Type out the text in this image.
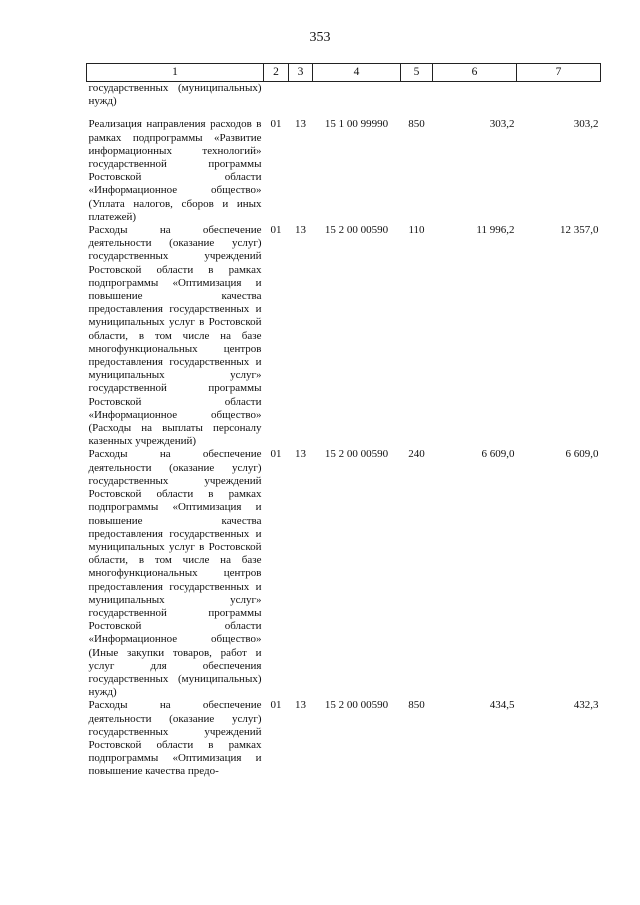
353
1	2	3	4	5	6	7
государственных (муниципальных) нужд)						
Реализация направления расходов в рамках подпрограммы «Развитие информационных технологий» государственной программы Ростовской области «Информационное общество» (Уплата налогов, сборов и иных платежей)	01	13	15 1 00 99990	850	303,2	303,2
Расходы на обеспечение деятельности (оказание услуг) государственных учреждений Ростовской области в рамках подпрограммы «Оптимизация и повышение качества предоставления государственных и муниципальных услуг в Ростовской области, в том числе на базе многофункциональных центров предоставления государственных и муниципальных услуг» государственной программы Ростовской области «Информационное общество» (Расходы на выплаты персоналу казенных учреждений)	01	13	15 2 00 00590	110	11 996,2	12 357,0
Расходы на обеспечение деятельности (оказание услуг) государственных учреждений Ростовской области в рамках подпрограммы «Оптимизация и повышение качества предоставления государственных и муниципальных услуг в Ростовской области, в том числе на базе многофункциональных центров предоставления государственных и муниципальных услуг» государственной программы Ростовской области «Информационное общество» (Иные закупки товаров, работ и услуг для обеспечения государственных (муниципальных) нужд)	01	13	15 2 00 00590	240	6 609,0	6 609,0
Расходы на обеспечение деятельности (оказание услуг) государственных учреждений Ростовской области в рамках подпрограммы «Оптимизация и повышение качества предо-	01	13	15 2 00 00590	850	434,5	432,3
